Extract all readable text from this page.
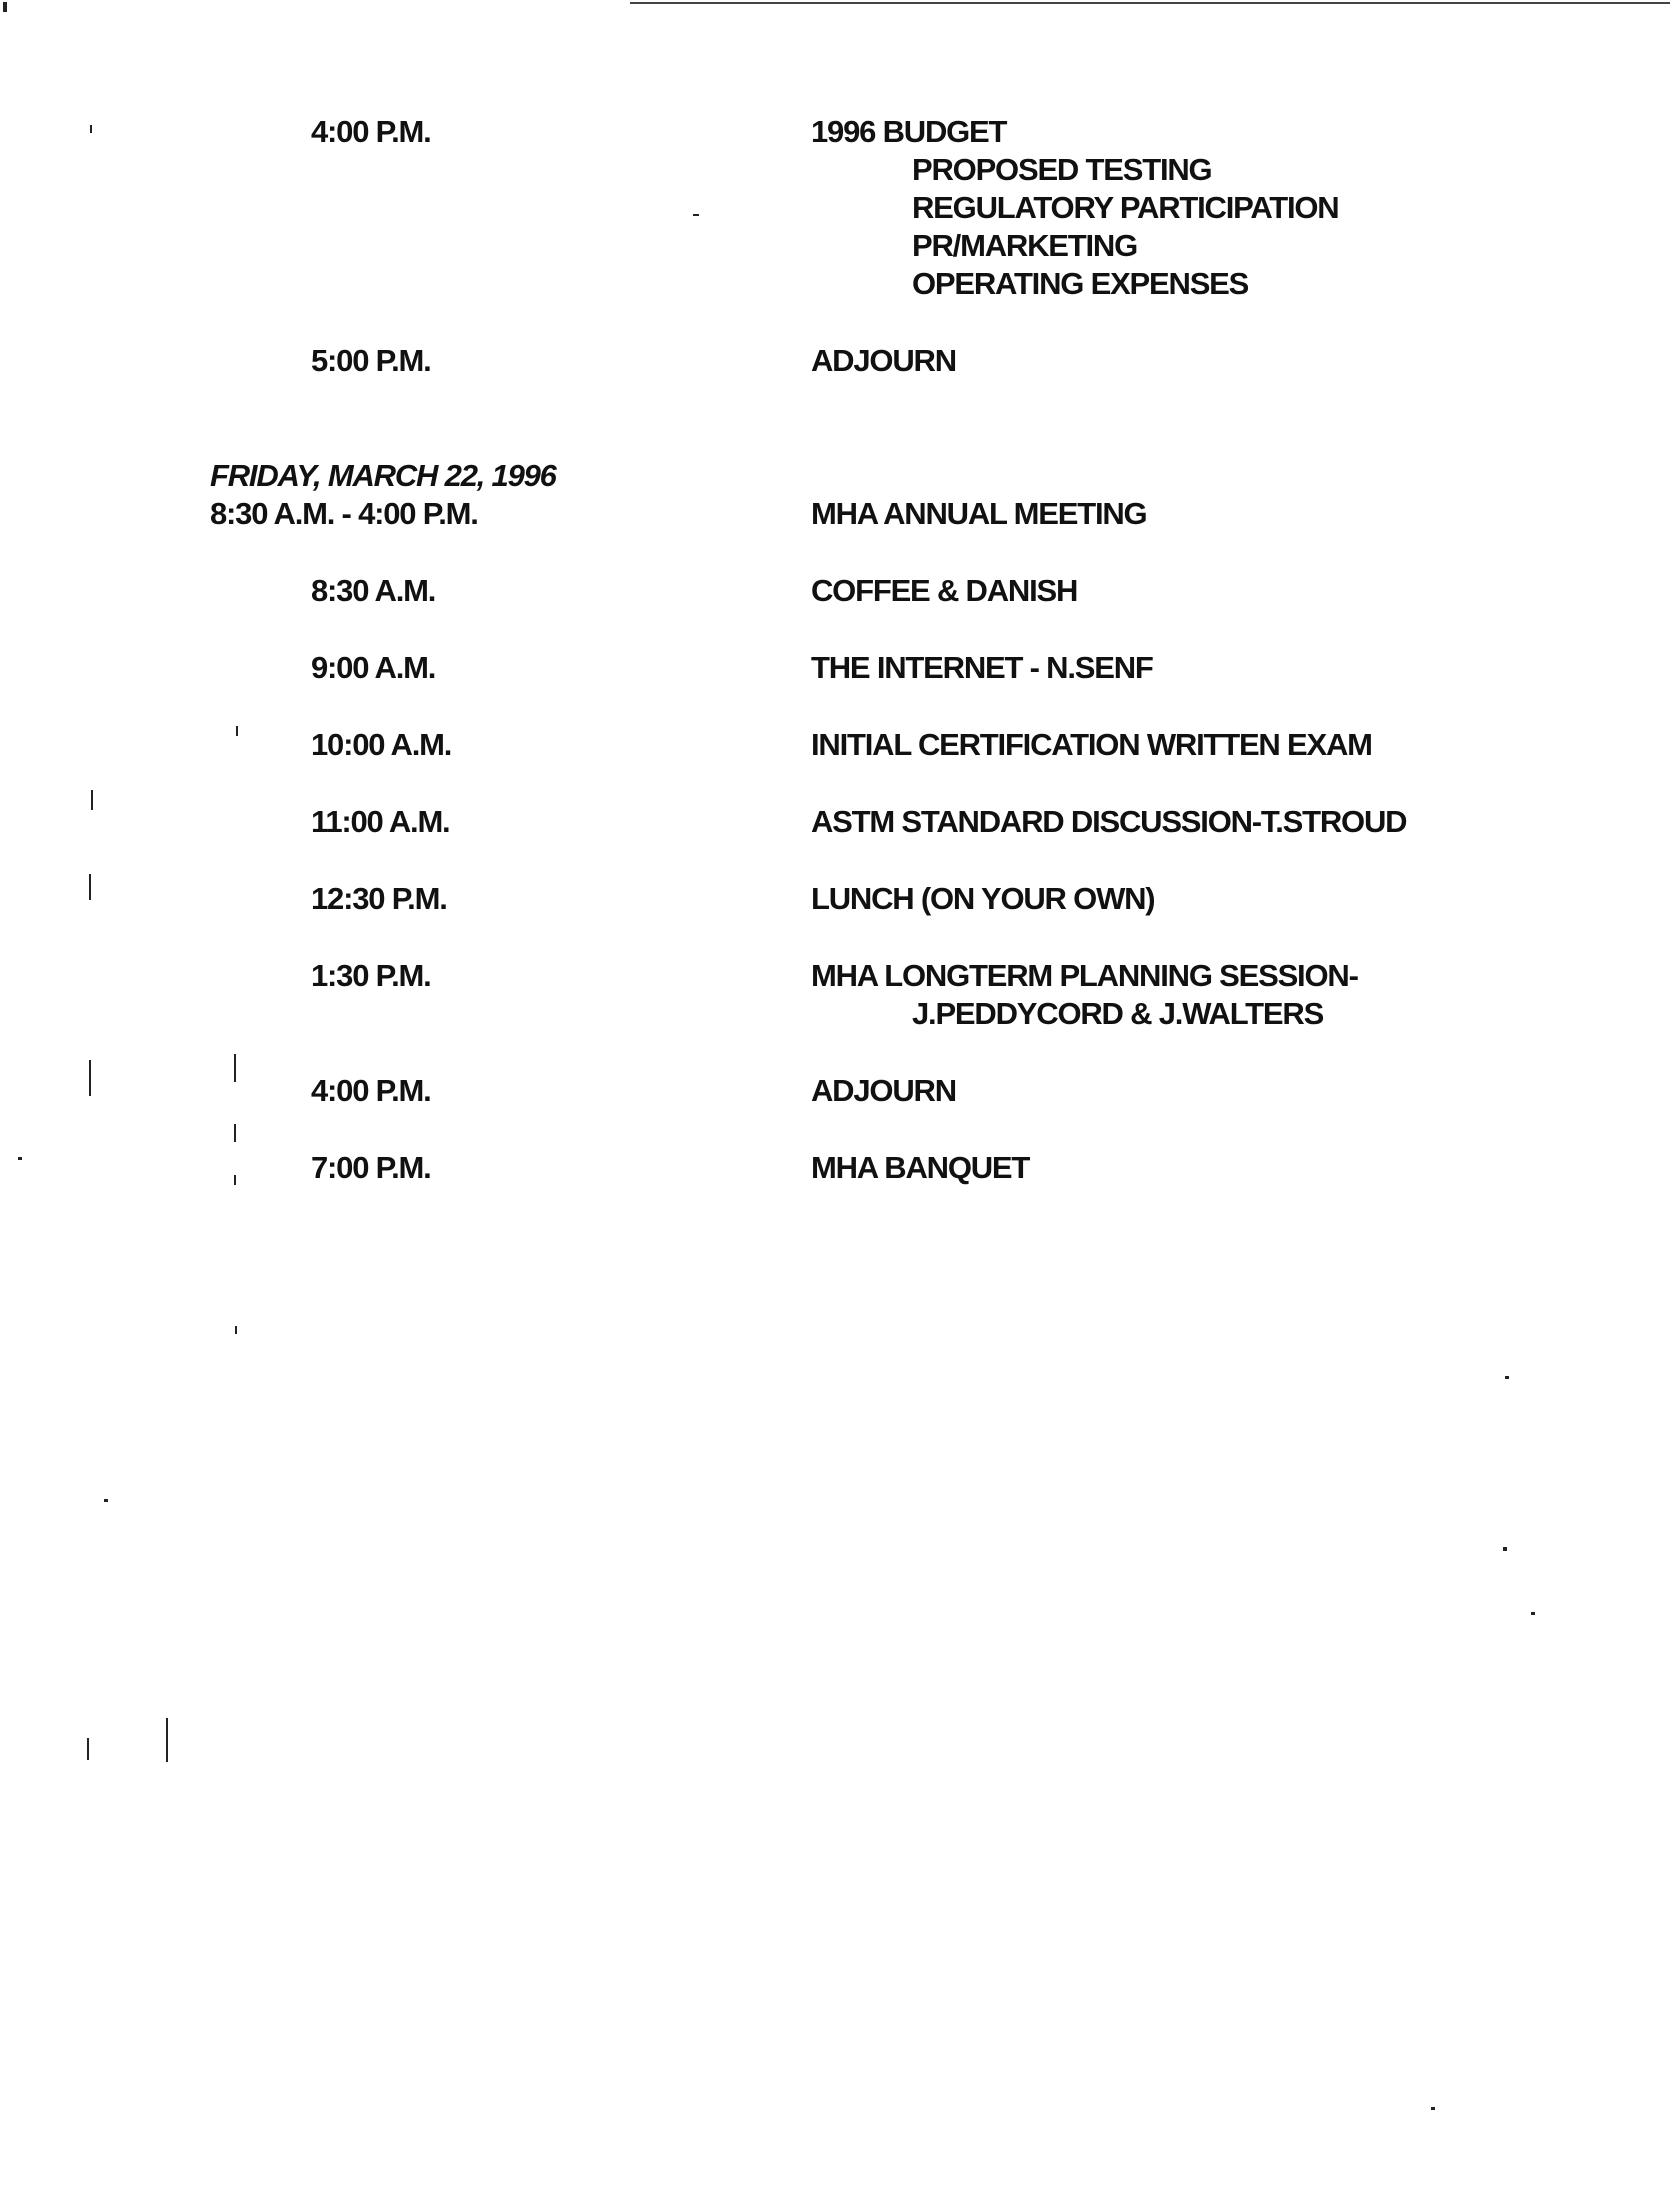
4:00 P.M.	1996 BUDGET
PROPOSED TESTING
REGULATORY PARTICIPATION
PR/MARKETING
OPERATING EXPENSES
5:00 P.M.	ADJOURN
FRIDAY, MARCH 22, 1996
8:30 A.M. - 4:00 P.M.	MHA ANNUAL MEETING
8:30 A.M.	COFFEE & DANISH
9:00 A.M.	THE INTERNET - N.SENF
10:00 A.M.	INITIAL CERTIFICATION WRITTEN EXAM
11:00 A.M.	ASTM STANDARD DISCUSSION-T.STROUD
12:30 P.M.	LUNCH (ON YOUR OWN)
1:30 P.M.	MHA LONGTERM PLANNING SESSION-
J.PEDDYCORD & J.WALTERS
4:00 P.M.	ADJOURN
7:00 P.M.	MHA BANQUET
